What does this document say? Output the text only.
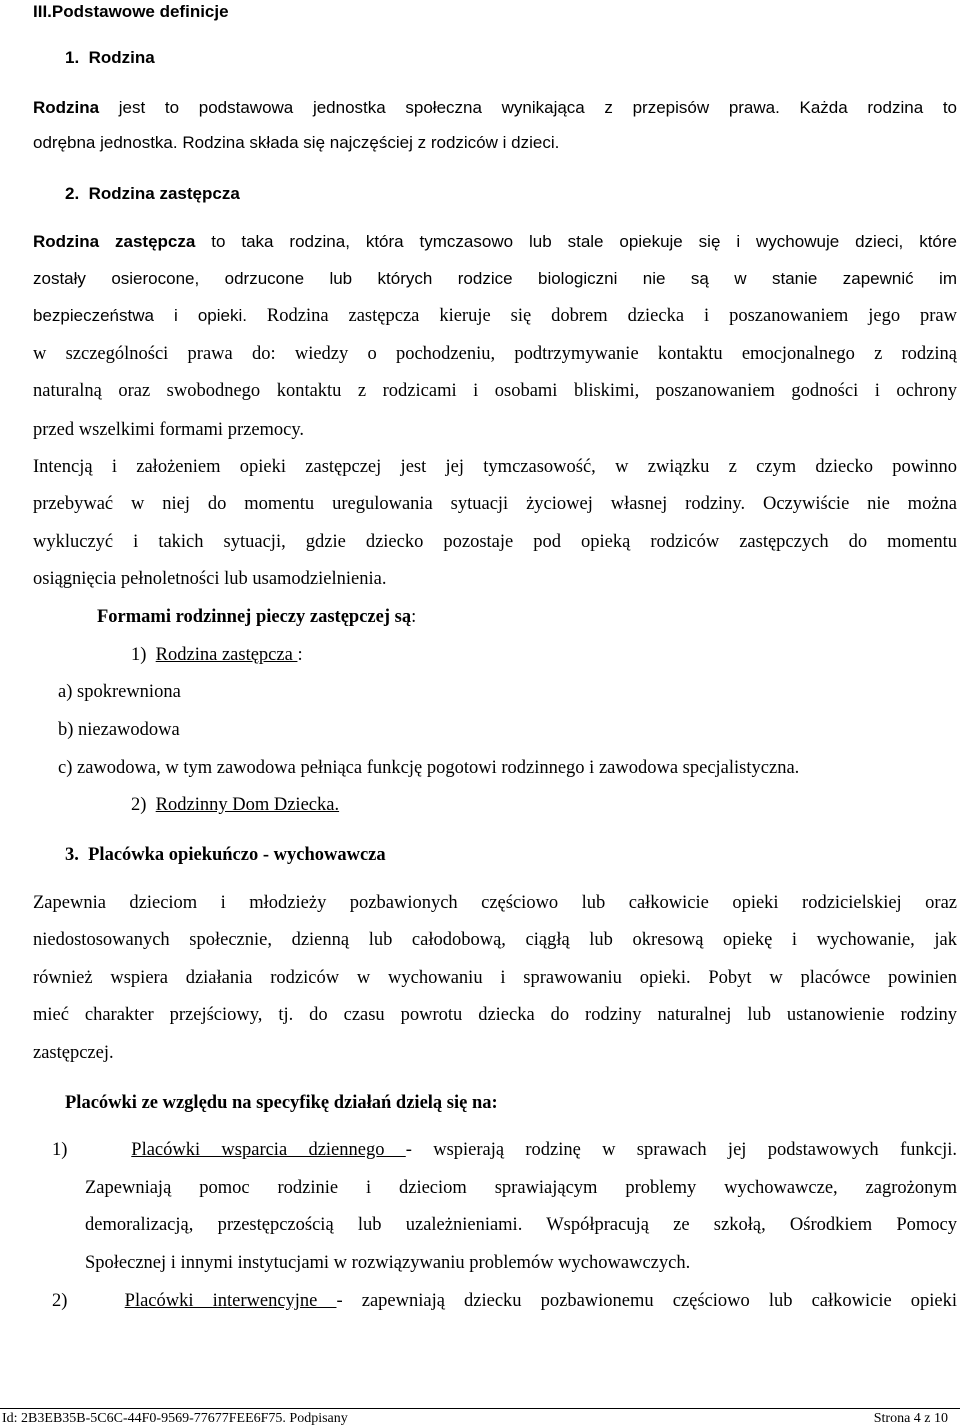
III.Podstawowe definicje
1. Rodzina
Rodzina jest to podstawowa jednostka społeczna wynikająca z przepisów prawa. Każda rodzina to
odrębna jednostka. Rodzina składa się najczęściej z rodziców i dzieci.
2. Rodzina zastępcza
Rodzina zastępcza to taka rodzina, która tymczasowo lub stale opiekuje się i wychowuje dzieci, które
zostały osierocone, odrzucone lub których rodzice biologiczni nie są w stanie zapewnić im
bezpieczeństwa i opieki. Rodzina zastępcza kieruje się dobrem dziecka i poszanowaniem jego praw
w szczególności prawa do: wiedzy o pochodzeniu, podtrzymywanie kontaktu emocjonalnego z rodziną
naturalną oraz swobodnego kontaktu z rodzicami i osobami bliskimi, poszanowaniem godności i ochrony
przed wszelkimi formami przemocy.
Intencją i założeniem opieki zastępczej jest jej tymczasowość, w związku z czym dziecko powinno
przebywać w niej do momentu uregulowania sytuacji życiowej własnej rodziny. Oczywiście nie można
wykluczyć i takich sytuacji, gdzie dziecko pozostaje pod opieką rodziców zastępczych do momentu
osiągnięcia pełnoletności lub usamodzielnienia.
Formami rodzinnej pieczy zastępczej są:
1) Rodzina zastępcza :
a) spokrewniona
b) niezawodowa
c) zawodowa, w tym zawodowa pełniąca funkcję pogotowi rodzinnego i zawodowa specjalistyczna.
2) Rodzinny Dom Dziecka.
3. Placówka opiekuńczo - wychowawcza
Zapewnia dzieciom i młodzieży pozbawionych częściowo lub całkowicie opieki rodzicielskiej oraz
niedostosowanych społecznie, dzienną lub całodobową, ciągłą lub okresową opiekę i wychowanie, jak
również wspiera działania rodziców w wychowaniu i sprawowaniu opieki. Pobyt w placówce powinien
mieć charakter przejściowy, tj. do czasu powrotu dziecka do rodziny naturalnej lub ustanowienie rodziny
zastępczej.
Placówki ze względu na specyfikę działań dzielą się na:
1)	Placówki wsparcia dziennego - wspierają rodzinę w sprawach jej podstawowych funkcji.
Zapewniają pomoc rodzinie i dzieciom sprawiającym problemy wychowawcze, zagrożonym
demoralizacją, przestępczością lub uzależnieniami. Współpracują ze szkołą, Ośrodkiem Pomocy
Społecznej i innymi instytucjami w rozwiązywaniu problemów wychowawczych.
2)	Placówki interwencyjne - zapewniają dziecku pozbawionemu częściowo lub całkowicie opieki
Id: 2B3EB35B-5C6C-44F0-9569-77677FEE6F75. Podpisany	Strona 4 z 10
